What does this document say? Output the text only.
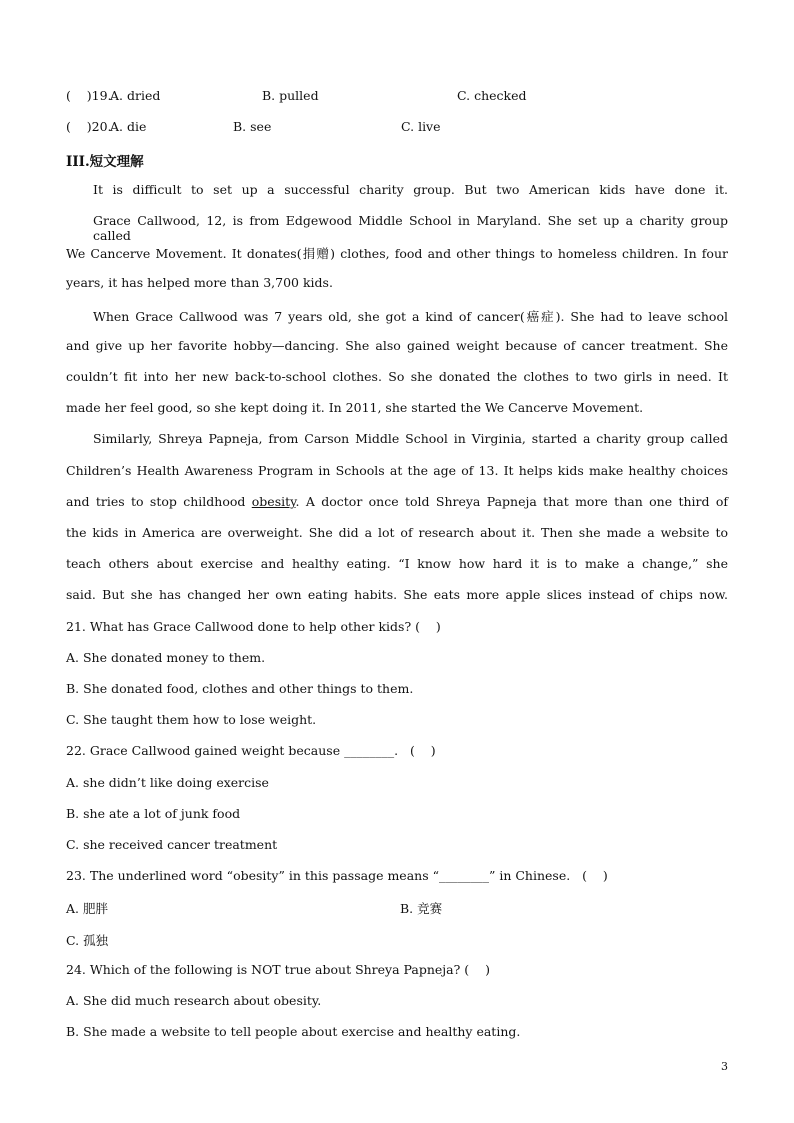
(    )19.
A. dried	B. pulled	C. checked
(    )20.
A. die	B. see	C. live
III.短文理解
It is difficult to set up a successful charity group. But two American kids have done it.
Grace Callwood, 12, is from Edgewood Middle School in Maryland. She set up a charity group called
We Cancerve Movement. It donates(捐赠) clothes, food and other things to homeless children. In four
years, it has helped more than 3,700 kids.
When Grace Callwood was 7 years old, she got a kind of cancer(癌症). She had to leave school
and give up her favorite hobby—dancing. She also gained weight because of cancer treatment. She
couldn’t fit into her new back-to-school clothes. So she donated the clothes to two girls in need. It
made her feel good, so she kept doing it. In 2011, she started the We Cancerve Movement.
Similarly, Shreya Papneja, from Carson Middle School in Virginia, started a charity group called
Children’s Health Awareness Program in Schools at the age of 13. It helps kids make healthy choices
and tries to stop childhood obesity. A doctor once told Shreya Papneja that more than one third of
the kids in America are overweight. She did a lot of research about it. Then she made a website to
teach others about exercise and healthy eating. “I know how hard it is to make a change,” she
said. But she has changed her own eating habits. She eats more apple slices instead of chips now.
21. What has Grace Callwood done to help other kids? (    )
A. She donated money to them.
B. She donated food, clothes and other things to them.
C. She taught them how to lose weight.
22. Grace Callwood gained weight because ________.   (    )
A. she didn’t like doing exercise
B. she ate a lot of junk food
C. she received cancer treatment
23. The underlined word “obesity” in this passage means “________” in Chinese.   (    )
A. 肥胖	B. 竞赛
C. 孤独
24. Which of the following is NOT true about Shreya Papneja? (    )
A. She did much research about obesity.
B. She made a website to tell people about exercise and healthy eating.
3
